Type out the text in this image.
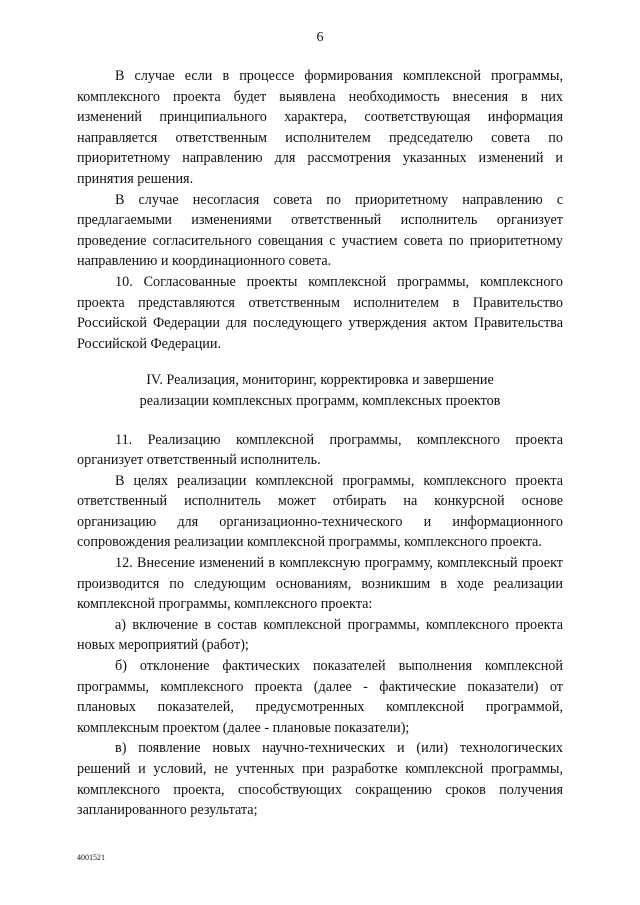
6

В случае если в процессе формирования комплексной программы, комплексного проекта будет выявлена необходимость внесения в них изменений принципиального характера, соответствующая информация направляется ответственным исполнителем председателю совета по приоритетному направлению для рассмотрения указанных изменений и принятия решения.

В случае несогласия совета по приоритетному направлению с предлагаемыми изменениями ответственный исполнитель организует проведение согласительного совещания с участием совета по приоритетному направлению и координационного совета.

10. Согласованные проекты комплексной программы, комплексного проекта представляются ответственным исполнителем в Правительство Российской Федерации для последующего утверждения актом Правительства Российской Федерации.

IV. Реализация, мониторинг, корректировка и завершение
реализации комплексных программ, комплексных проектов

11. Реализацию комплексной программы, комплексного проекта организует ответственный исполнитель.

В целях реализации комплексной программы, комплексного проекта ответственный исполнитель может отбирать на конкурсной основе организацию для организационно-технического и информационного сопровождения реализации комплексной программы, комплексного проекта.

12. Внесение изменений в комплексную программу, комплексный проект производится по следующим основаниям, возникшим в ходе реализации комплексной программы, комплексного проекта:

а) включение в состав комплексной программы, комплексного проекта новых мероприятий (работ);

б) отклонение фактических показателей выполнения комплексной программы, комплексного проекта (далее - фактические показатели) от плановых показателей, предусмотренных комплексной программой, комплексным проектом (далее - плановые показатели);

в) появление новых научно-технических и (или) технологических решений и условий, не учтенных при разработке комплексной программы, комплексного проекта, способствующих сокращению сроков получения запланированного результата;

4001521
